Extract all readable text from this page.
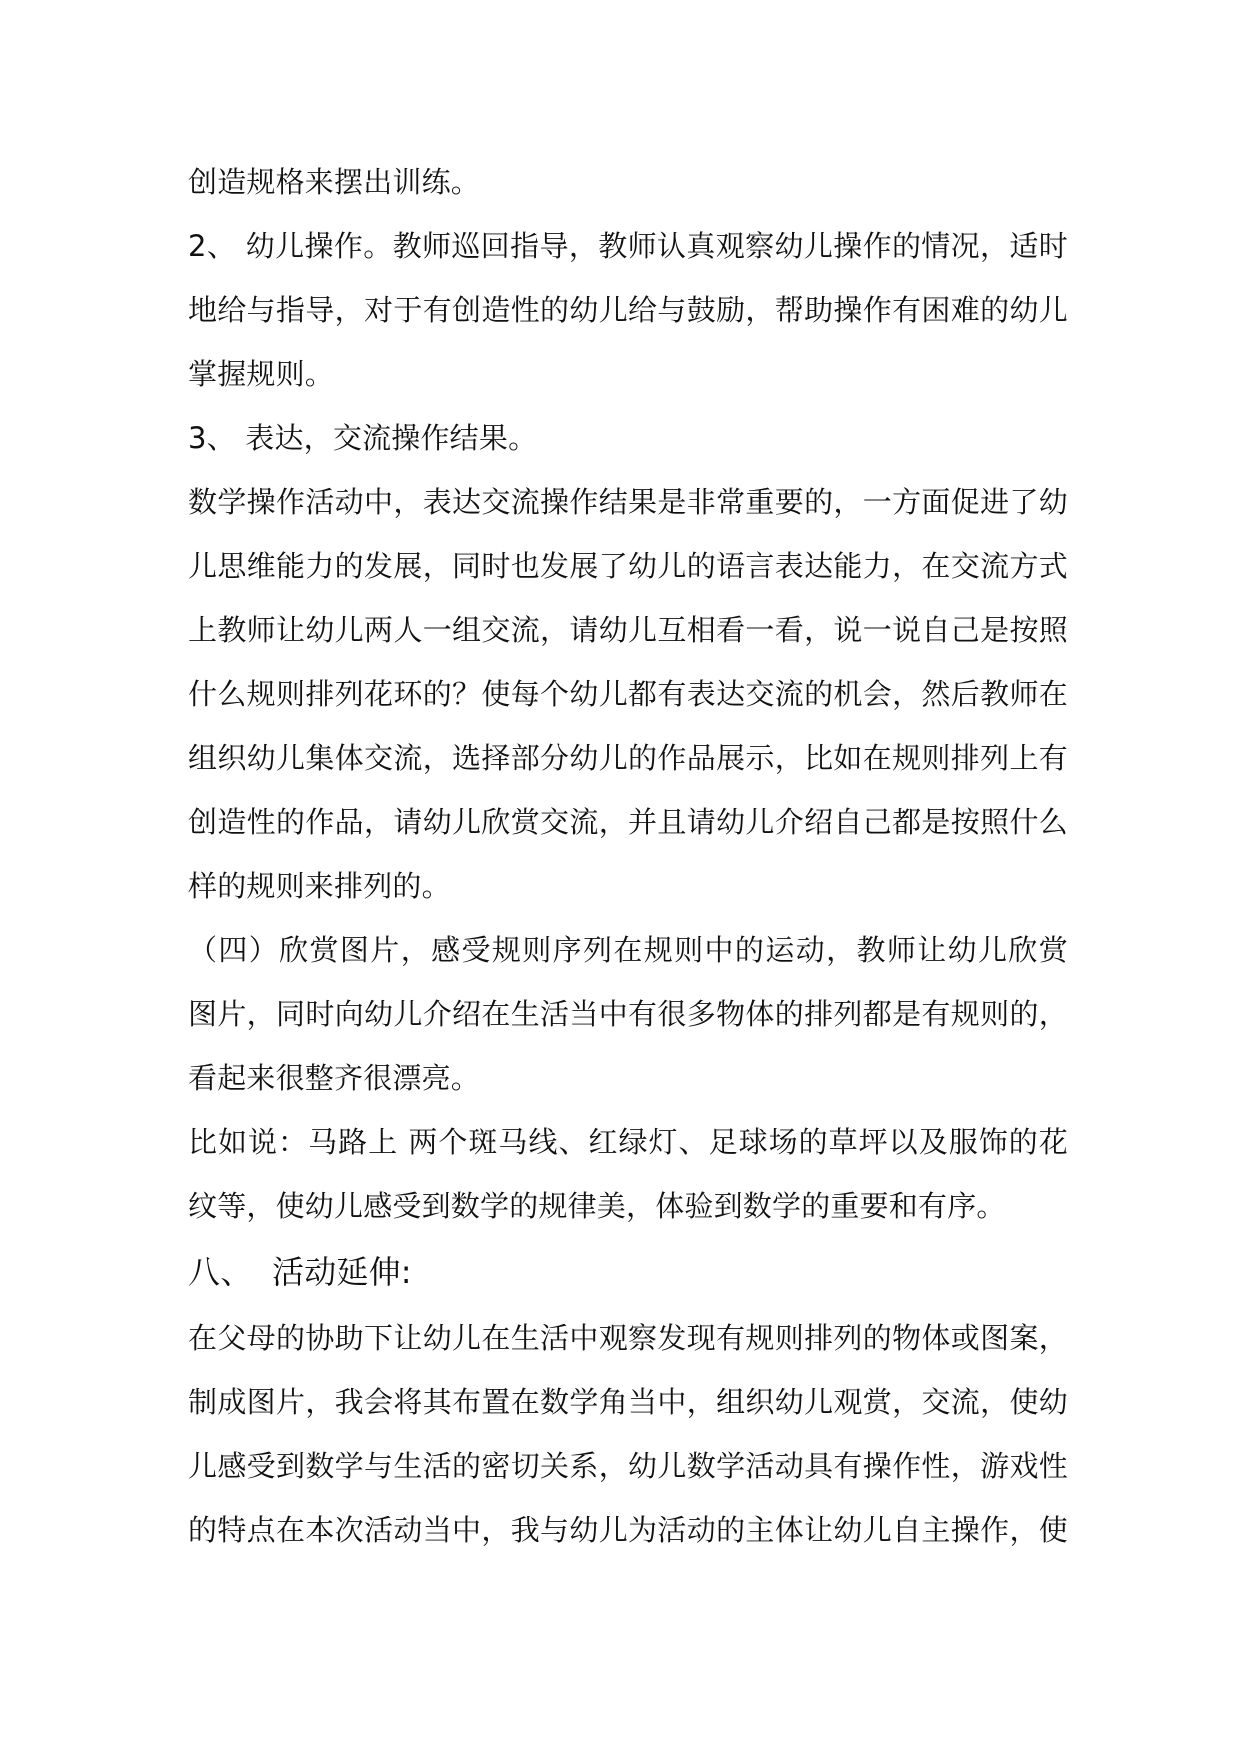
创造规格来摆出训练。
2、 幼儿操作。教师巡回指导，教师认真观察幼儿操作的情况，适时
地给与指导，对于有创造性的幼儿给与鼓励，帮助操作有困难的幼儿
掌握规则。
3、 表达，交流操作结果。
数学操作活动中，表达交流操作结果是非常重要的，一方面促进了幼
儿思维能力的发展，同时也发展了幼儿的语言表达能力，在交流方式
上教师让幼儿两人一组交流，请幼儿互相看一看，说一说自己是按照
什么规则排列花环的？使每个幼儿都有表达交流的机会，然后教师在
组织幼儿集体交流，选择部分幼儿的作品展示，比如在规则排列上有
创造性的作品，请幼儿欣赏交流，并且请幼儿介绍自己都是按照什么
样的规则来排列的。
（四）欣赏图片，感受规则序列在规则中的运动，教师让幼儿欣赏
图片，同时向幼儿介绍在生活当中有很多物体的排列都是有规则的，
看起来很整齐很漂亮。
比如说：马路上 两个斑马线、红绿灯、足球场的草坪以及服饰的花
纹等，使幼儿感受到数学的规律美，体验到数学的重要和有序。
八、 活动延伸:
在父母的协助下让幼儿在生活中观察发现有规则排列的物体或图案，
制成图片，我会将其布置在数学角当中，组织幼儿观赏，交流，使幼
儿感受到数学与生活的密切关系，幼儿数学活动具有操作性，游戏性
的特点在本次活动当中，我与幼儿为活动的主体让幼儿自主操作，使
